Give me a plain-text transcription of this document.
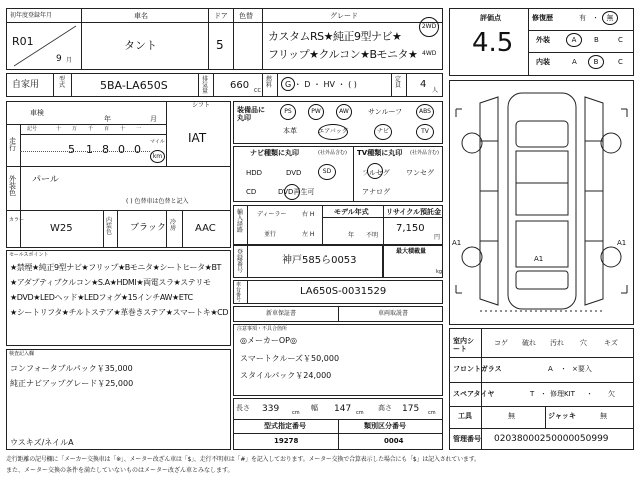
初年度登録年月
R01
9 月
車名
タント
ドア
5
色替	グレード
カスタムRS★純正9型ナビ★
フリップ★クルコン★Bモニタ★
2WD
4WD
自家用
型式	5BA-LA650S	排気量
660 CC
燃料 G ・ D ・ HV ・ ( )
定員 4
人
車検
年	月
シフト
IAT
走行
記号	十 万 千 百 十 一
5 1 8 0 0
マイル
km
外装色
パール
( ) 色替車は色替と記入
カラー
W25
内装色 ブラック
冷房 AAC
装備品に丸印
PS	PW	AW	サンルーフ	ABS
本革	エアバッグ	ナビ	TV
ナビ種類に丸印	(社外品含む)
HDD	DVD	SD
CD	DVD再生可
TV種類に丸印 (社外品含む)
フルセグ ワンセグ
アナログ
輸入経路
ディーラー	右 H
並行	左 H
モデル年式
年 不明
リサイクル預託金
7,150
円
最大積載量
kg
登録番号
神戸585ら0053
車台番号
LA650S-0031529
新車保証書	車両取説書
セールスポイント
★禁煙★純正9型ナビ★フリップ★Bモニタ★シートヒータ★BT
★アダプティブクルコン★S.A★HDMI★両電スラ★ステリモ
★DVD★LEDヘッド★LEDフォグ★15インチAW★ETC
★シートリフタ★チルトステア★革巻きステア★スマートキ★CD
検査記入欄
コンフォータブルパック￥35,000
純正ナビアップグレード￥25,000
ウスキズ/ネイルA
注意事項・不具合箇所
◎メーカーOP◎
スマートクルーズ￥50,000
スタイルパック￥24,000
長さ 339	cm
幅 147 cm
高さ 175 cm
型式指定番号
19278
類別区分番号
0004
評価点
4.5
修復歴	有 ・ 無
外装	A	B	C
内装	A B	C
A1
A1
A1
室内シート
コゲ 破れ 汚れ 穴 キズ
フロントガラス	A ・ ×要入
スペアタイヤ	T ・ 修理KIT ・ 欠
工具	無	ジャッキ	無
管理番号 02038000250000050999
走行距離の記号欄に「メーカー交換車は「※」、メーター改ざん車は「$」、走行不明車は「#」を記入しております。メーター交換で合算表示した場合にも「$」は記入されています。
また、メーター交換の条件を満たしていないものはメーター改ざん車とみなします。
